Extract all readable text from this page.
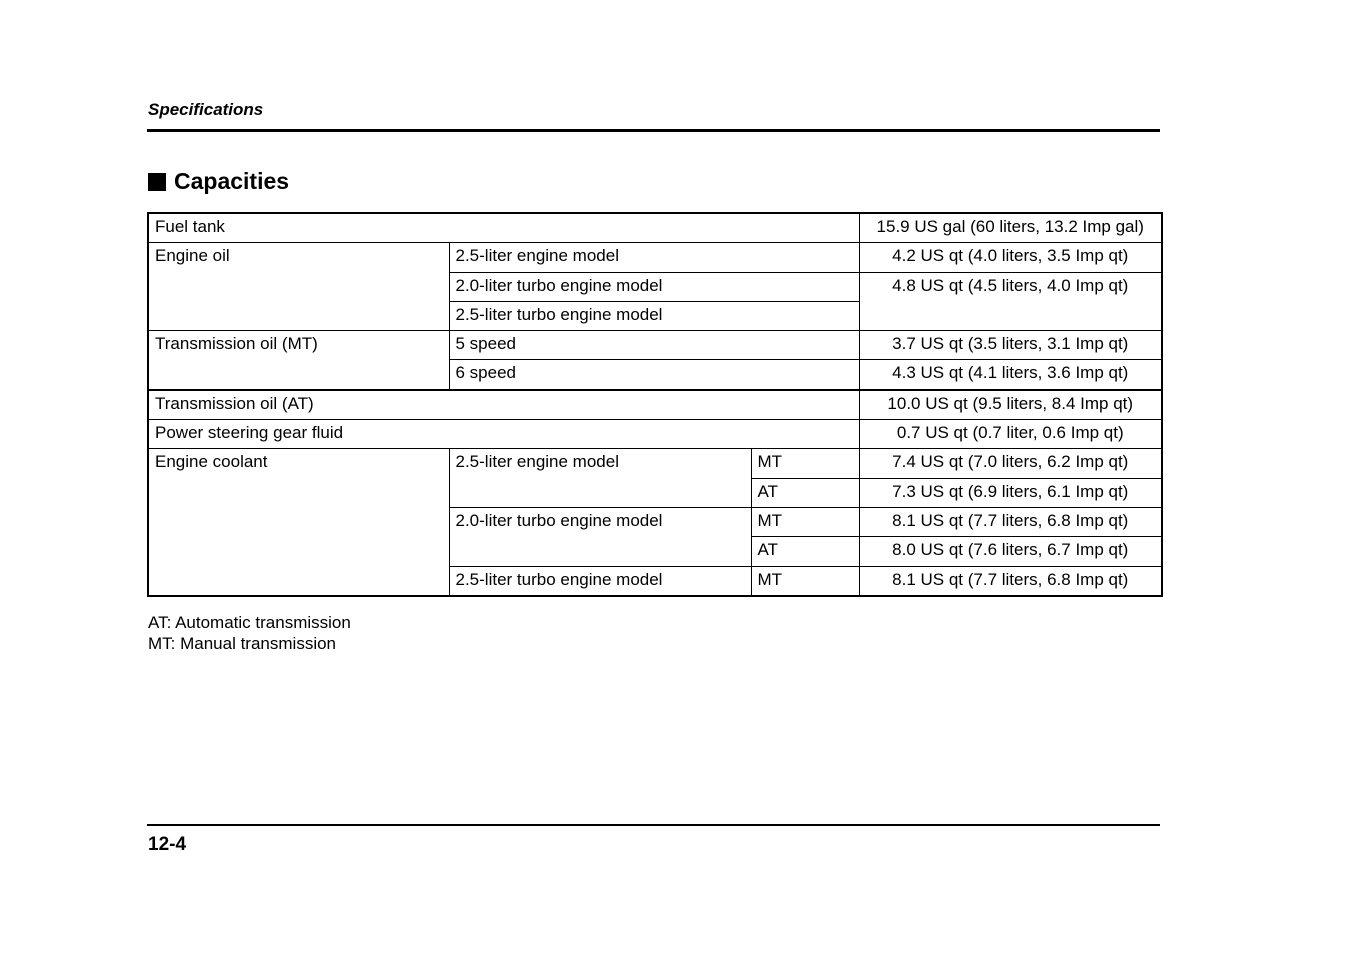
Specifications
Capacities
Fuel tank			15.9 US gal (60 liters, 13.2 Imp gal)
Engine oil	2.5-liter engine model		4.2 US qt (4.0 liters, 3.5 Imp qt)
	2.0-liter turbo engine model		4.8 US qt (4.5 liters, 4.0 Imp qt)
	2.5-liter turbo engine model		
Transmission oil (MT)	5 speed		3.7 US qt (3.5 liters, 3.1 Imp qt)
	6 speed		4.3 US qt (4.1 liters, 3.6 Imp qt)
Transmission oil (AT)			10.0 US qt (9.5 liters, 8.4 Imp qt)
Power steering gear fluid			0.7 US qt (0.7 liter, 0.6 Imp qt)
Engine coolant	2.5-liter engine model	MT	7.4 US qt (7.0 liters, 6.2 Imp qt)
		AT	7.3 US qt (6.9 liters, 6.1 Imp qt)
	2.0-liter turbo engine model	MT	8.1 US qt (7.7 liters, 6.8 Imp qt)
		AT	8.0 US qt (7.6 liters, 6.7 Imp qt)
	2.5-liter turbo engine model	MT	8.1 US qt (7.7 liters, 6.8 Imp qt)
AT: Automatic transmission
MT: Manual transmission
12-4
